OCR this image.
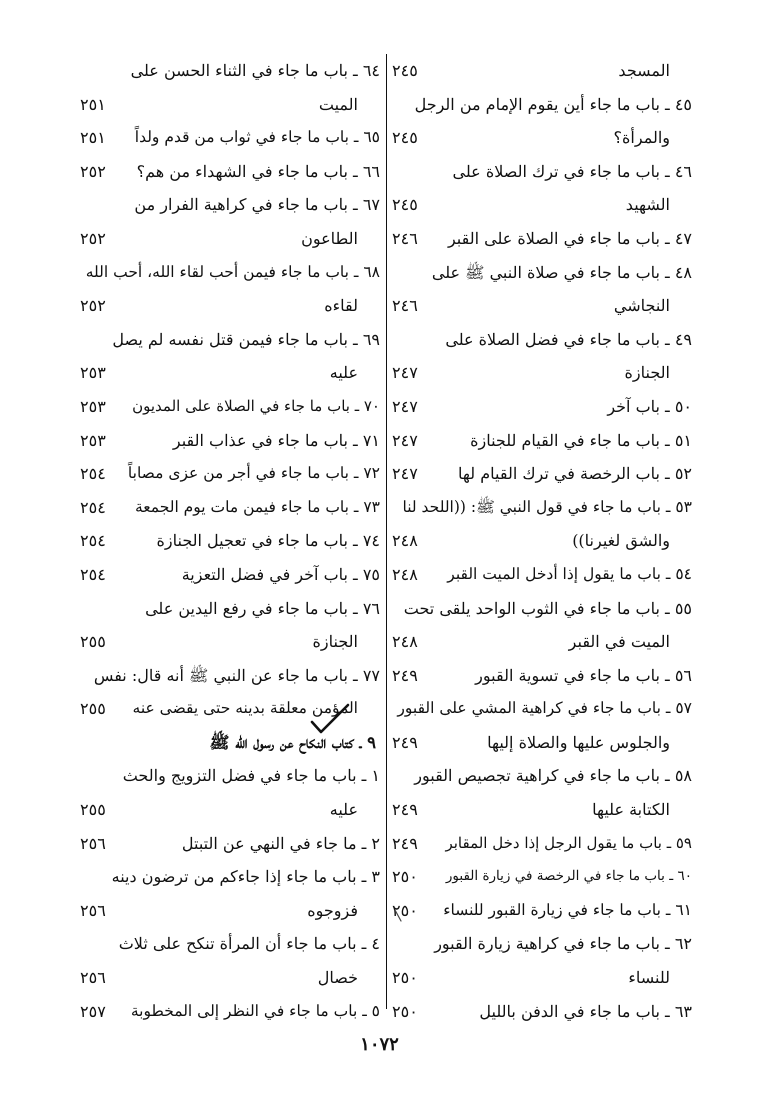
المسجد
٢٤٥
٤٥ ـ باب ما جاء أين يقوم الإمام من الرجل
والمرأة؟
٢٤٥
٤٦ ـ باب ما جاء في ترك الصلاة على
الشهيد
٢٤٥
٤٧ ـ باب ما جاء في الصلاة على القبر
٢٤٦
٤٨ ـ باب ما جاء في صلاة النبي ﷺ على
النجاشي
٢٤٦
٤٩ ـ باب ما جاء في فضل الصلاة على
الجنازة
٢٤٧
٥٠ ـ باب آخر
٢٤٧
٥١ ـ باب ما جاء في القيام للجنازة
٢٤٧
٥٢ ـ باب الرخصة في ترك القيام لها
٢٤٧
٥٣ ـ باب ما جاء في قول النبي ﷺ: ((اللحد لنا
والشق لغيرنا))
٢٤٨
٥٤ ـ باب ما يقول إذا أدخل الميت القبر
٢٤٨
٥٥ ـ باب ما جاء في الثوب الواحد يلقى تحت
الميت في القبر
٢٤٨
٥٦ ـ باب ما جاء في تسوية القبور
٢٤٩
٥٧ ـ باب ما جاء في كراهية المشي على القبور
والجلوس عليها والصلاة إليها
٢٤٩
٥٨ ـ باب ما جاء في كراهية تجصيص القبور
الكتابة عليها
٢٤٩
٥٩ ـ باب ما يقول الرجل إذا دخل المقابر
٢٤٩
٦٠ ـ باب ما جاء في الرخصة في زيارة القبور
٢٥٠
٦١ ـ باب ما جاء في زيارة القبور للنساء
٢٥٠
٦٢ ـ باب ما جاء في كراهية زيارة القبور
للنساء
٢٥٠
٦٣ ـ باب ما جاء في الدفن بالليل
٢٥٠
٦٤ ـ باب ما جاء في الثناء الحسن على
الميت
٢٥١
٦٥ ـ باب ما جاء في ثواب من قدم ولداً
٢٥١
٦٦ ـ باب ما جاء في الشهداء من هم؟
٢٥٢
٦٧ ـ باب ما جاء في كراهية الفرار من
الطاعون
٢٥٢
٦٨ ـ باب ما جاء فيمن أحب لقاء الله، أحب الله
لقاءه
٢٥٢
٦٩ ـ باب ما جاء فيمن قتل نفسه لم يصل
عليه
٢٥٣
٧٠ ـ باب ما جاء في الصلاة على المديون
٢٥٣
٧١ ـ باب ما جاء في عذاب القبر
٢٥٣
٧٢ ـ باب ما جاء في أجر من عزى مصاباً
٢٥٤
٧٣ ـ باب ما جاء فيمن مات يوم الجمعة
٢٥٤
٧٤ ـ باب ما جاء في تعجيل الجنازة
٢٥٤
٧٥ ـ باب آخر في فضل التعزية
٢٥٤
٧٦ ـ باب ما جاء في رفع اليدين على
الجنازة
٢٥٥
٧٧ ـ باب ما جاء عن النبي ﷺ أنه قال: نفس
المؤمن معلقة بدينه حتى يقضى عنه
٢٥٥
٩ ـ كتاب النكاح عن رسول الله ﷺ
١ ـ باب ما جاء في فضل التزويج والحث
عليه
٢٥٥
٢ ـ ما جاء في النهي عن التبتل
٢٥٦
٣ ـ باب ما جاء إذا جاءكم من ترضون دينه
فزوجوه
٢٥٦
٤ ـ باب ما جاء أن المرأة تنكح على ثلاث
خصال
٢٥٦
٥ ـ باب ما جاء في النظر إلى المخطوبة
٢٥٧
١٠٧٢
